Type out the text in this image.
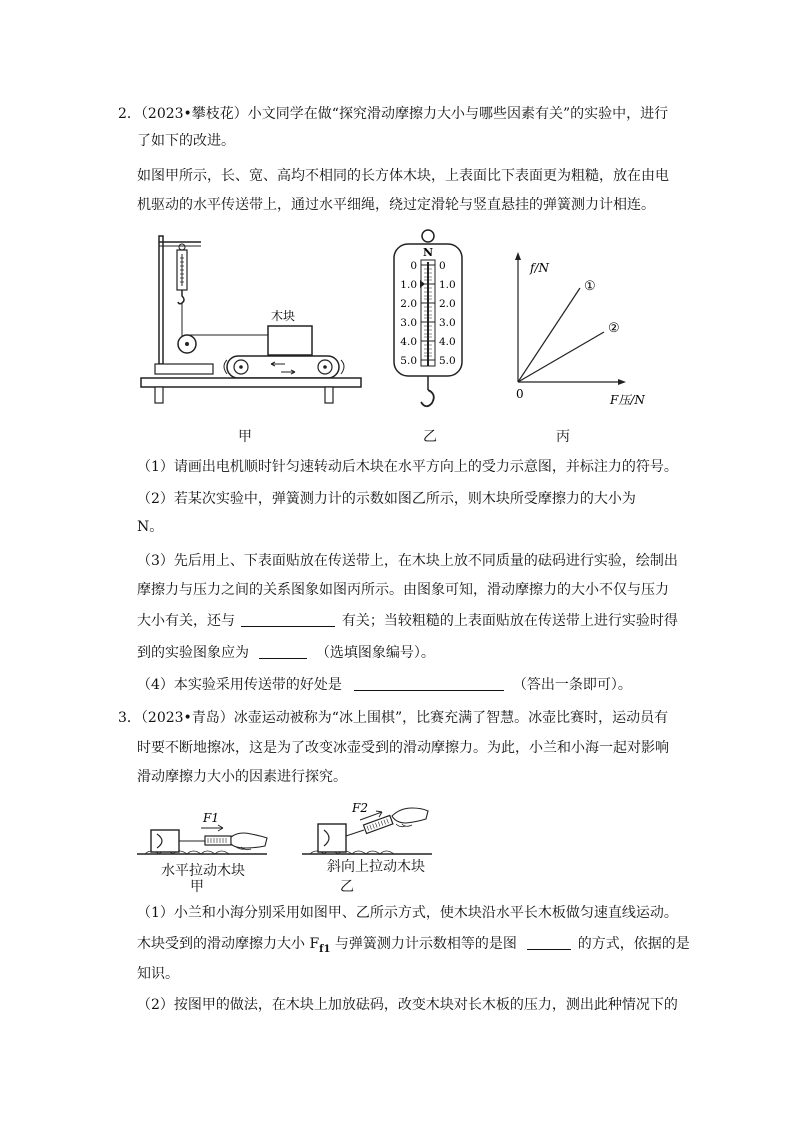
2．（2023•攀枝花）小文同学在做“探究滑动摩擦力大小与哪些因素有关”的实验中，进行
了如下的改进。
如图甲所示，长、宽、高均不相同的长方体木块，上表面比下表面更为粗糙，放在由电
机驱动的水平传送带上，通过水平细绳，绕过定滑轮与竖直悬挂的弹簧测力计相连。
木块
甲
N
0
1.0
2.0
3.0
4.0
5.0
0
1.0
2.0
3.0
4.0
5.0
乙
f/N
F压/N
0
①
②
丙
（1）请画出电机顺时针匀速转动后木块在水平方向上的受力示意图，并标注力的符号。
（2）若某次实验中，弹簧测力计的示数如图乙所示，则木块所受摩擦力的大小为
N。
（3）先后用上、下表面贴放在传送带上，在木块上放不同质量的砝码进行实验，绘制出
摩擦力与压力之间的关系图象如图丙所示。由图象可知，滑动摩擦力的大小不仅与压力
大小有关，还与	有关；当较粗糙的上表面贴放在传送带上进行实验时得
到的实验图象应为	（选填图象编号）。
（4）本实验采用传送带的好处是	（答出一条即可）。
3．（2023•青岛）冰壶运动被称为“冰上围棋”，比赛充满了智慧。冰壶比赛时，运动员有
时要不断地擦冰，这是为了改变冰壶受到的滑动摩擦力。为此，小兰和小海一起对影响
滑动摩擦力大小的因素进行探究。
F1
水平拉动木块
甲
F2
斜向上拉动木块
乙
（1）小兰和小海分别采用如图甲、乙所示方式，使木块沿水平长木板做匀速直线运动。
木块受到的滑动摩擦力大小 $F_{f1}$ 与弹簧测力计示数相等的是图	的方式，依据的是
知识。
（2）按图甲的做法，在木块上加放砝码，改变木块对长木板的压力，测出此种情况下的
